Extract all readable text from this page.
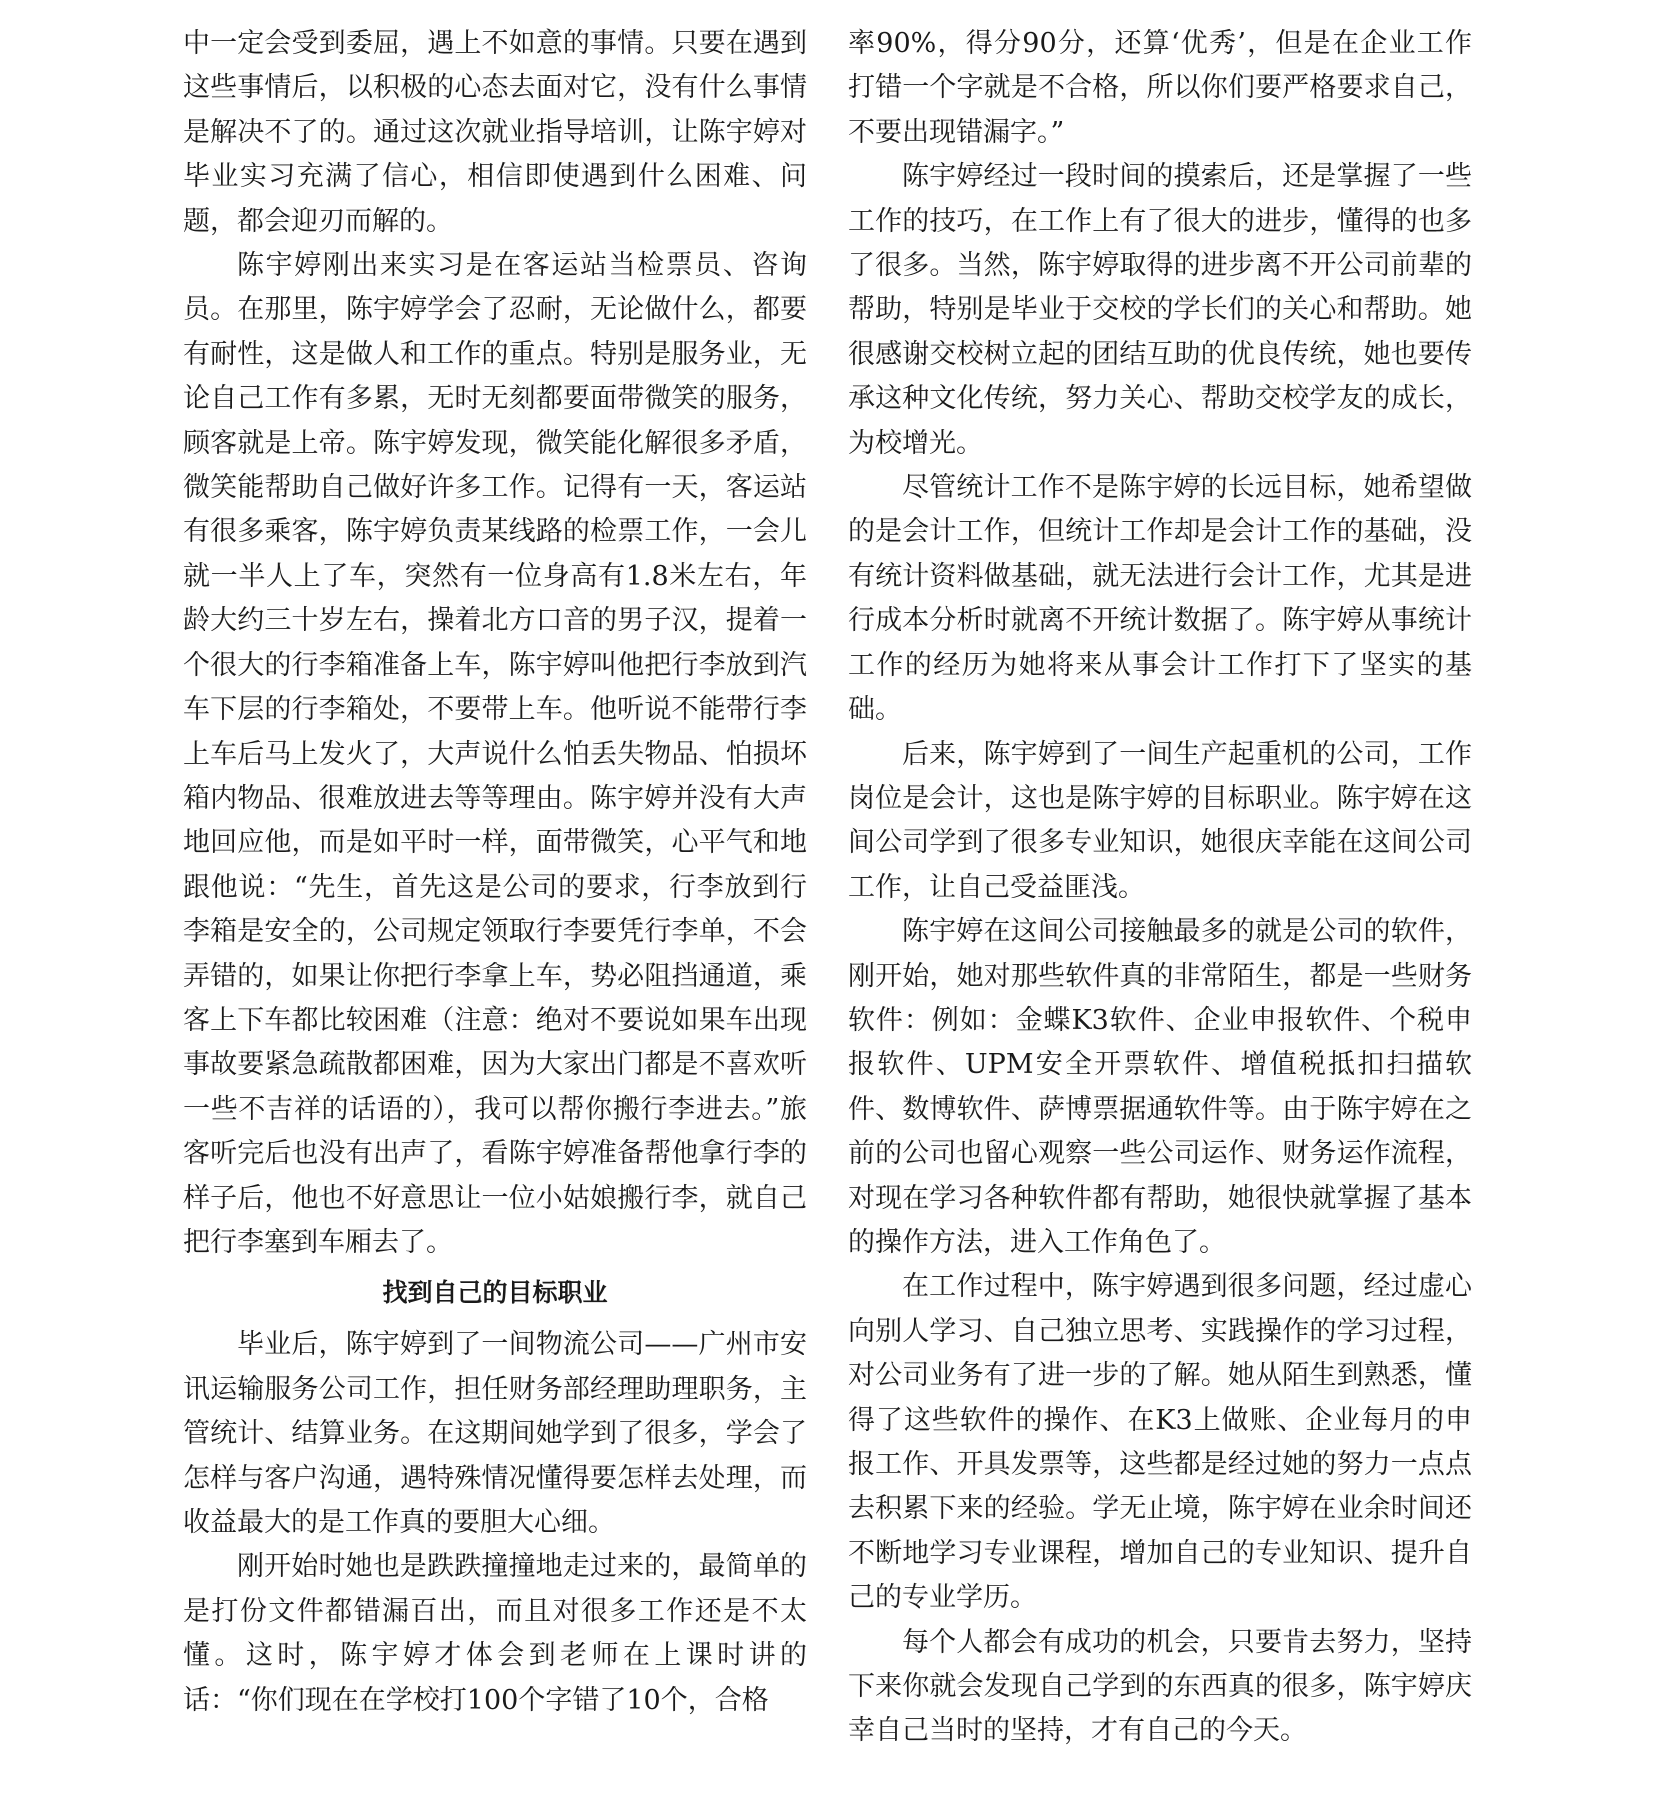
中一定会受到委屈，遇上不如意的事情。只要在遇到这些事情后，以积极的心态去面对它，没有什么事情是解决不了的。通过这次就业指导培训，让陈宇婷对毕业实习充满了信心，相信即使遇到什么困难、问题，都会迎刃而解的。

陈宇婷刚出来实习是在客运站当检票员、咨询员。在那里，陈宇婷学会了忍耐，无论做什么，都要有耐性，这是做人和工作的重点。特别是服务业，无论自己工作有多累，无时无刻都要面带微笑的服务，顾客就是上帝。陈宇婷发现，微笑能化解很多矛盾，微笑能帮助自己做好许多工作。记得有一天，客运站有很多乘客，陈宇婷负责某线路的检票工作，一会儿就一半人上了车，突然有一位身高有1.8米左右，年龄大约三十岁左右，操着北方口音的男子汉，提着一个很大的行李箱准备上车，陈宇婷叫他把行李放到汽车下层的行李箱处，不要带上车。他听说不能带行李上车后马上发火了，大声说什么怕丢失物品、怕损坏箱内物品、很难放进去等等理由。陈宇婷并没有大声地回应他，而是如平时一样，面带微笑，心平气和地跟他说：“先生，首先这是公司的要求，行李放到行李箱是安全的，公司规定领取行李要凭行李单，不会弄错的，如果让你把行李拿上车，势必阻挡通道，乘客上下车都比较困难（注意：绝对不要说如果车出现事故要紧急疏散都困难，因为大家出门都是不喜欢听一些不吉祥的话语的），我可以帮你搬行李进去。”旅客听完后也没有出声了，看陈宇婷准备帮他拿行李的样子后，他也不好意思让一位小姑娘搬行李，就自己把行李塞到车厢去了。

找到自己的目标职业

毕业后，陈宇婷到了一间物流公司——广州市安讯运输服务公司工作，担任财务部经理助理职务，主管统计、结算业务。在这期间她学到了很多，学会了怎样与客户沟通，遇特殊情况懂得要怎样去处理，而收益最大的是工作真的要胆大心细。

刚开始时她也是跌跌撞撞地走过来的，最简单的是打份文件都错漏百出，而且对很多工作还是不太懂。这时，陈宇婷才体会到老师在上课时讲的话：“你们现在在学校打100个字错了10个，合格

率90%，得分90分，还算‘优秀’，但是在企业工作打错一个字就是不合格，所以你们要严格要求自己，不要出现错漏字。”

陈宇婷经过一段时间的摸索后，还是掌握了一些工作的技巧，在工作上有了很大的进步，懂得的也多了很多。当然，陈宇婷取得的进步离不开公司前辈的帮助，特别是毕业于交校的学长们的关心和帮助。她很感谢交校树立起的团结互助的优良传统，她也要传承这种文化传统，努力关心、帮助交校学友的成长，为校增光。

尽管统计工作不是陈宇婷的长远目标，她希望做的是会计工作，但统计工作却是会计工作的基础，没有统计资料做基础，就无法进行会计工作，尤其是进行成本分析时就离不开统计数据了。陈宇婷从事统计工作的经历为她将来从事会计工作打下了坚实的基础。

后来，陈宇婷到了一间生产起重机的公司，工作岗位是会计，这也是陈宇婷的目标职业。陈宇婷在这间公司学到了很多专业知识，她很庆幸能在这间公司工作，让自己受益匪浅。

陈宇婷在这间公司接触最多的就是公司的软件，刚开始，她对那些软件真的非常陌生，都是一些财务软件：例如：金蝶K3软件、企业申报软件、个税申报软件、UPM安全开票软件、增值税抵扣扫描软件、数博软件、萨博票据通软件等。由于陈宇婷在之前的公司也留心观察一些公司运作、财务运作流程，对现在学习各种软件都有帮助，她很快就掌握了基本的操作方法，进入工作角色了。

在工作过程中，陈宇婷遇到很多问题，经过虚心向别人学习、自己独立思考、实践操作的学习过程，对公司业务有了进一步的了解。她从陌生到熟悉，懂得了这些软件的操作、在K3上做账、企业每月的申报工作、开具发票等，这些都是经过她的努力一点点去积累下来的经验。学无止境，陈宇婷在业余时间还不断地学习专业课程，增加自己的专业知识、提升自己的专业学历。

每个人都会有成功的机会，只要肯去努力，坚持下来你就会发现自己学到的东西真的很多，陈宇婷庆幸自己当时的坚持，才有自己的今天。
